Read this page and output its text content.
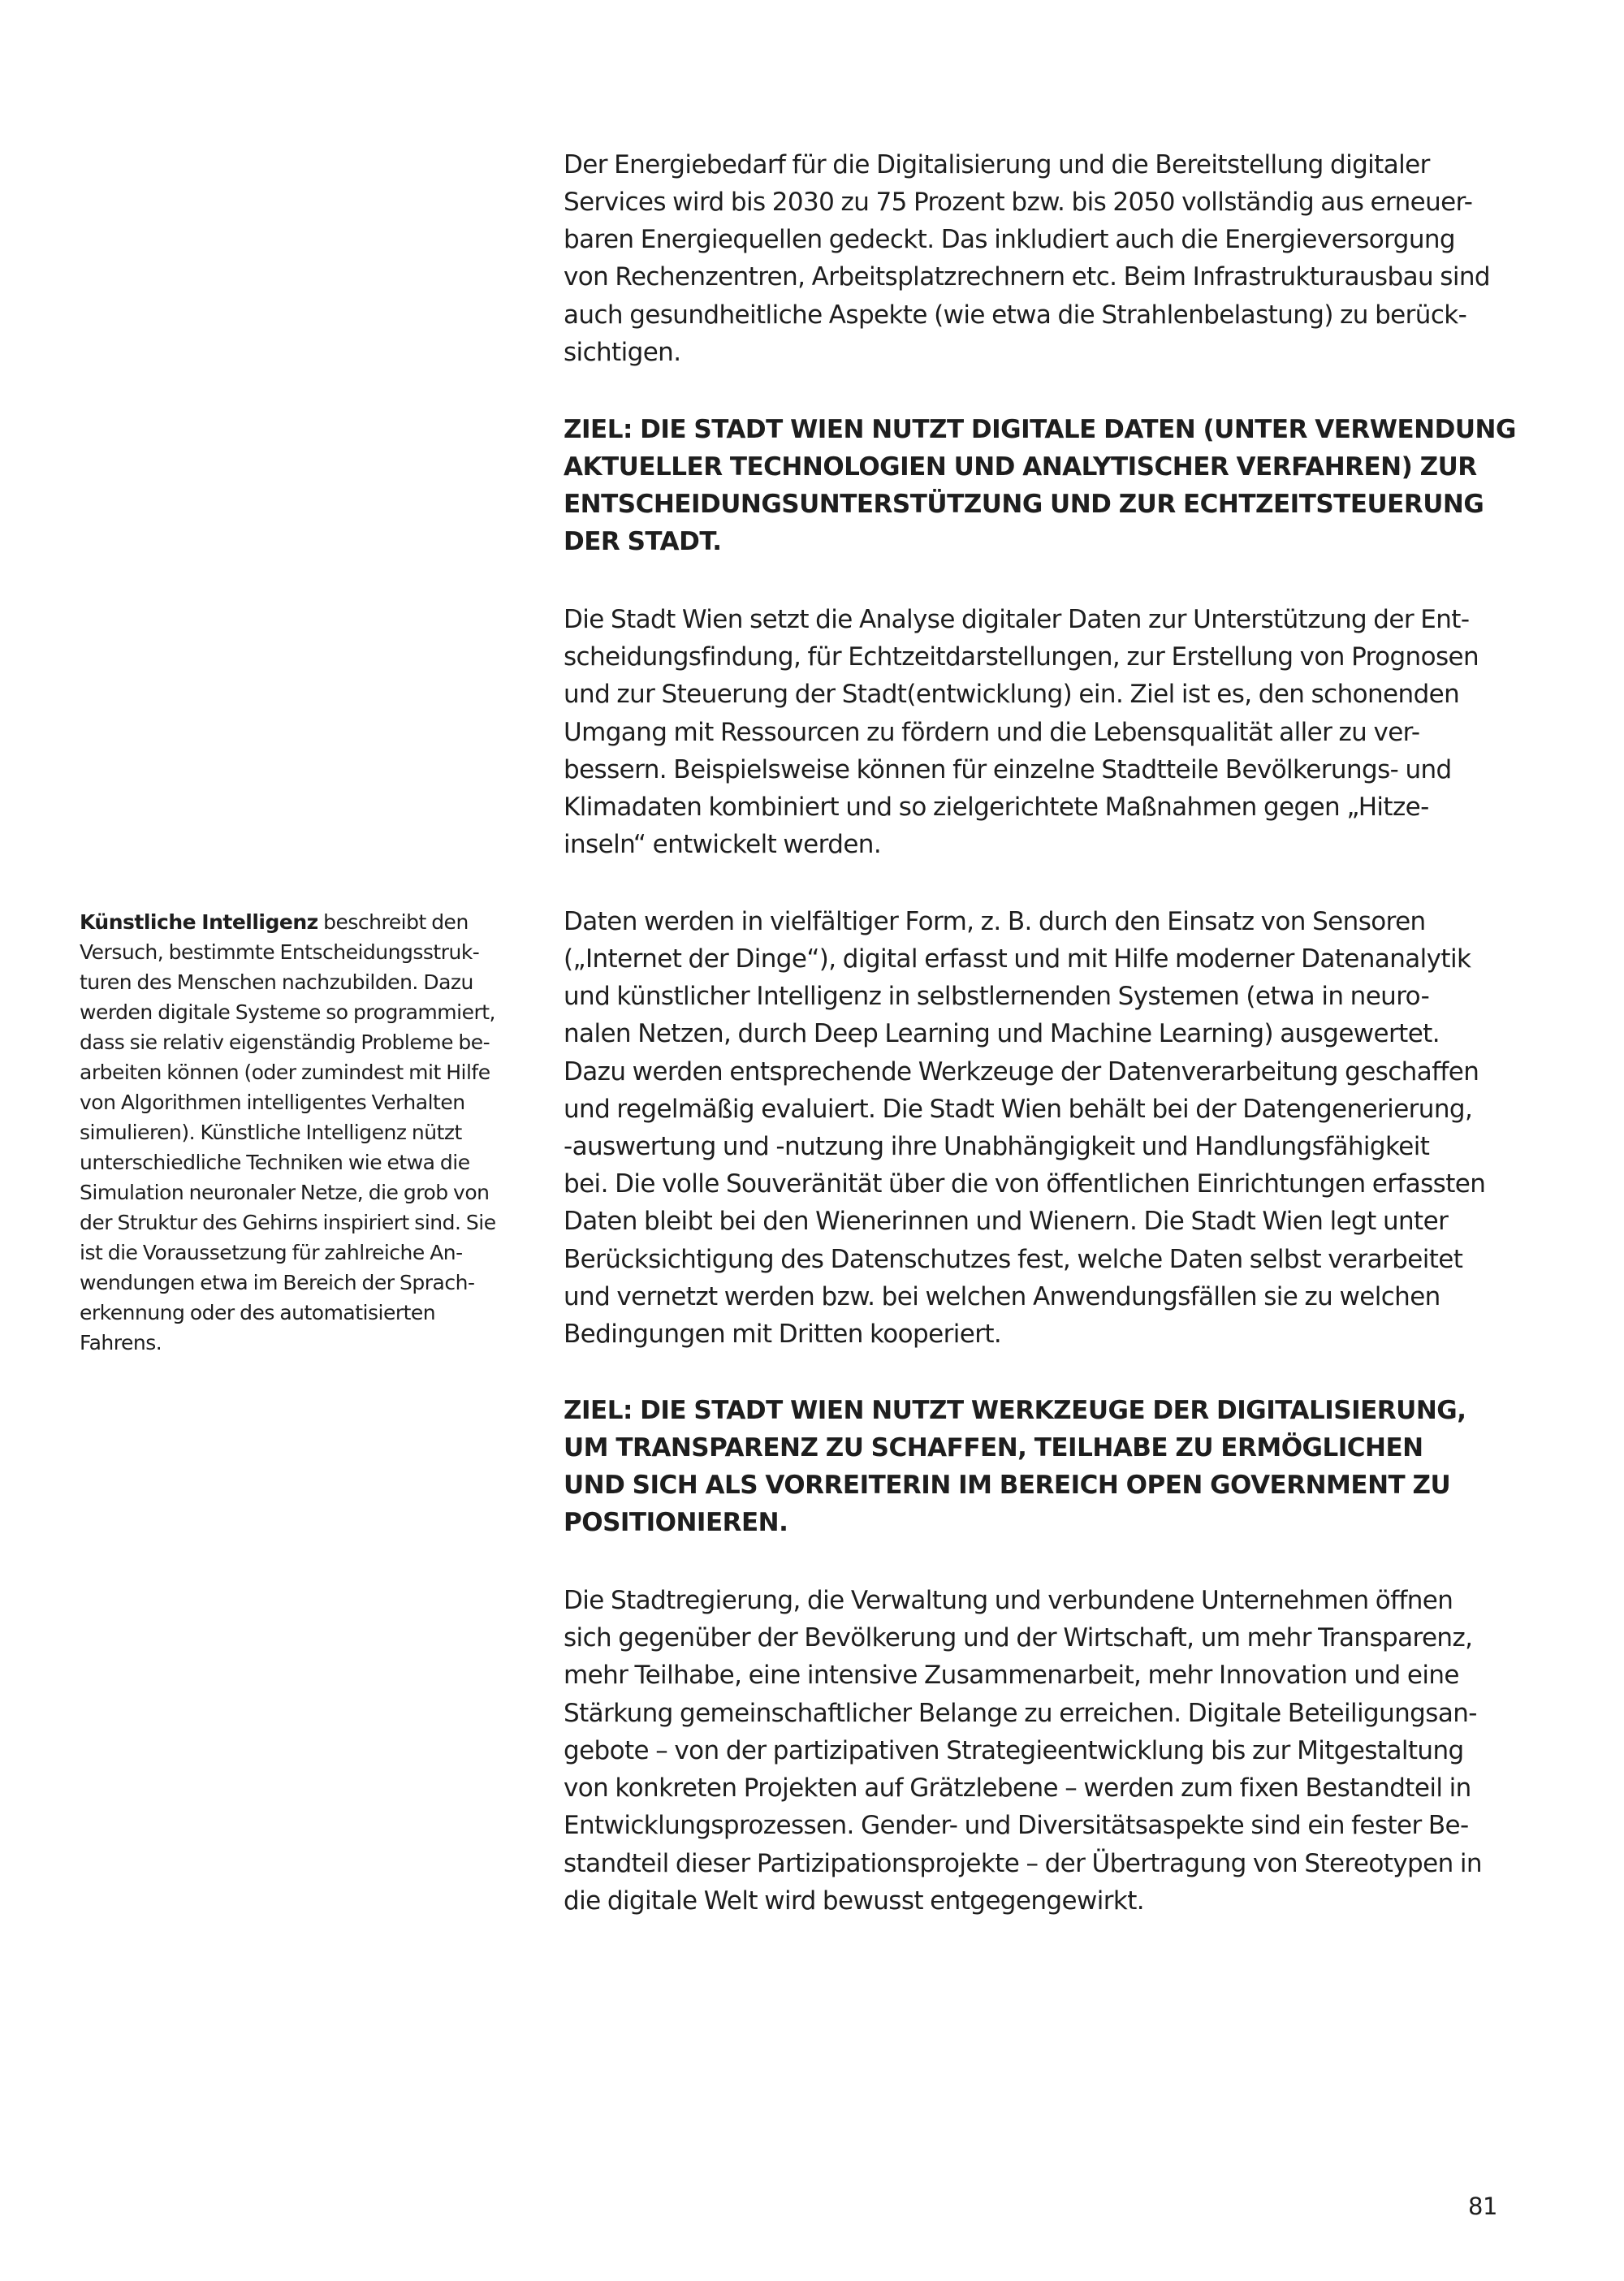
Der Energiebedarf für die Digitalisierung und die Bereitstellung digitaler

Services wird bis 2030 zu 75 Prozent bzw. bis 2050 vollständig aus erneuer-

baren Energiequellen gedeckt. Das inkludiert auch die Energieversorgung

von Rechenzentren, Arbeitsplatzrechnern etc. Beim Infrastrukturausbau sind

auch gesundheitliche Aspekte (wie etwa die Strahlenbelastung) zu berück-

sichtigen.

ZIEL: DIE STADT WIEN NUTZT DIGITALE DATEN (UNTER VERWENDUNG

AKTUELLER TECHNOLOGIEN UND ANALYTISCHER VERFAHREN) ZUR

ENTSCHEIDUNGSUNTERSTÜTZUNG UND ZUR ECHTZEITSTEUERUNG

DER STADT.

Die Stadt Wien setzt die Analyse digitaler Daten zur Unterstützung der Ent-

scheidungsfindung, für Echtzeitdarstellungen, zur Erstellung von Prognosen

und zur Steuerung der Stadt(entwicklung) ein. Ziel ist es, den schonenden

Umgang mit Ressourcen zu fördern und die Lebensqualität aller zu ver-

bessern. Beispielsweise können für einzelne Stadtteile Bevölkerungs- und

Klimadaten kombiniert und so zielgerichtete Maßnahmen gegen „Hitze-

inseln“ entwickelt werden.

Daten werden in vielfältiger Form, z. B. durch den Einsatz von Sensoren

(„Internet der Dinge“), digital erfasst und mit Hilfe moderner Datenanalytik

und künstlicher Intelligenz in selbstlernenden Systemen (etwa in neuro-

nalen Netzen, durch Deep Learning und Machine Learning) ausgewertet.

Dazu werden entsprechende Werkzeuge der Datenverarbeitung geschaffen

und regelmäßig evaluiert. Die Stadt Wien behält bei der Datengenerierung,

-auswertung und -nutzung ihre Unabhängigkeit und Handlungsfähigkeit

bei. Die volle Souveränität über die von öffentlichen Einrichtungen erfassten

Daten bleibt bei den Wienerinnen und Wienern. Die Stadt Wien legt unter

Berücksichtigung des Datenschutzes fest, welche Daten selbst verarbeitet

und vernetzt werden bzw. bei welchen Anwendungsfällen sie zu welchen

Bedingungen mit Dritten kooperiert.

ZIEL: DIE STADT WIEN NUTZT WERKZEUGE DER DIGITALISIERUNG,

UM TRANSPARENZ ZU SCHAFFEN, TEILHABE ZU ERMÖGLICHEN

UND SICH ALS VORREITERIN IM BEREICH OPEN GOVERNMENT ZU

POSITIONIEREN.

Die Stadtregierung, die Verwaltung und verbundene Unternehmen öffnen

sich gegenüber der Bevölkerung und der Wirtschaft, um mehr Transparenz,

mehr Teilhabe, eine intensive Zusammenarbeit, mehr Innovation und eine

Stärkung gemeinschaftlicher Belange zu erreichen. Digitale Beteiligungsan-

gebote – von der partizipativen Strategieentwicklung bis zur Mitgestaltung

von konkreten Projekten auf Grätzlebene – werden zum fixen Bestandteil in

Entwicklungsprozessen. Gender- und Diversitätsaspekte sind ein fester Be-

standteil dieser Partizipationsprojekte – der Übertragung von Stereotypen in

die digitale Welt wird bewusst entgegengewirkt.

Künstliche Intelligenz beschreibt den

Versuch, bestimmte Entscheidungsstruk-

turen des Menschen nachzubilden. Dazu

werden digitale Systeme so programmiert,

dass sie relativ eigenständig Probleme be-

arbeiten können (oder zumindest mit Hilfe

von Algorithmen intelligentes Verhalten

simulieren). Künstliche Intelligenz nützt

unterschiedliche Techniken wie etwa die

Simulation neuronaler Netze, die grob von

der Struktur des Gehirns inspiriert sind. Sie

ist die Voraussetzung für zahlreiche An-

wendungen etwa im Bereich der Sprach-

erkennung oder des automatisierten

Fahrens.

81
